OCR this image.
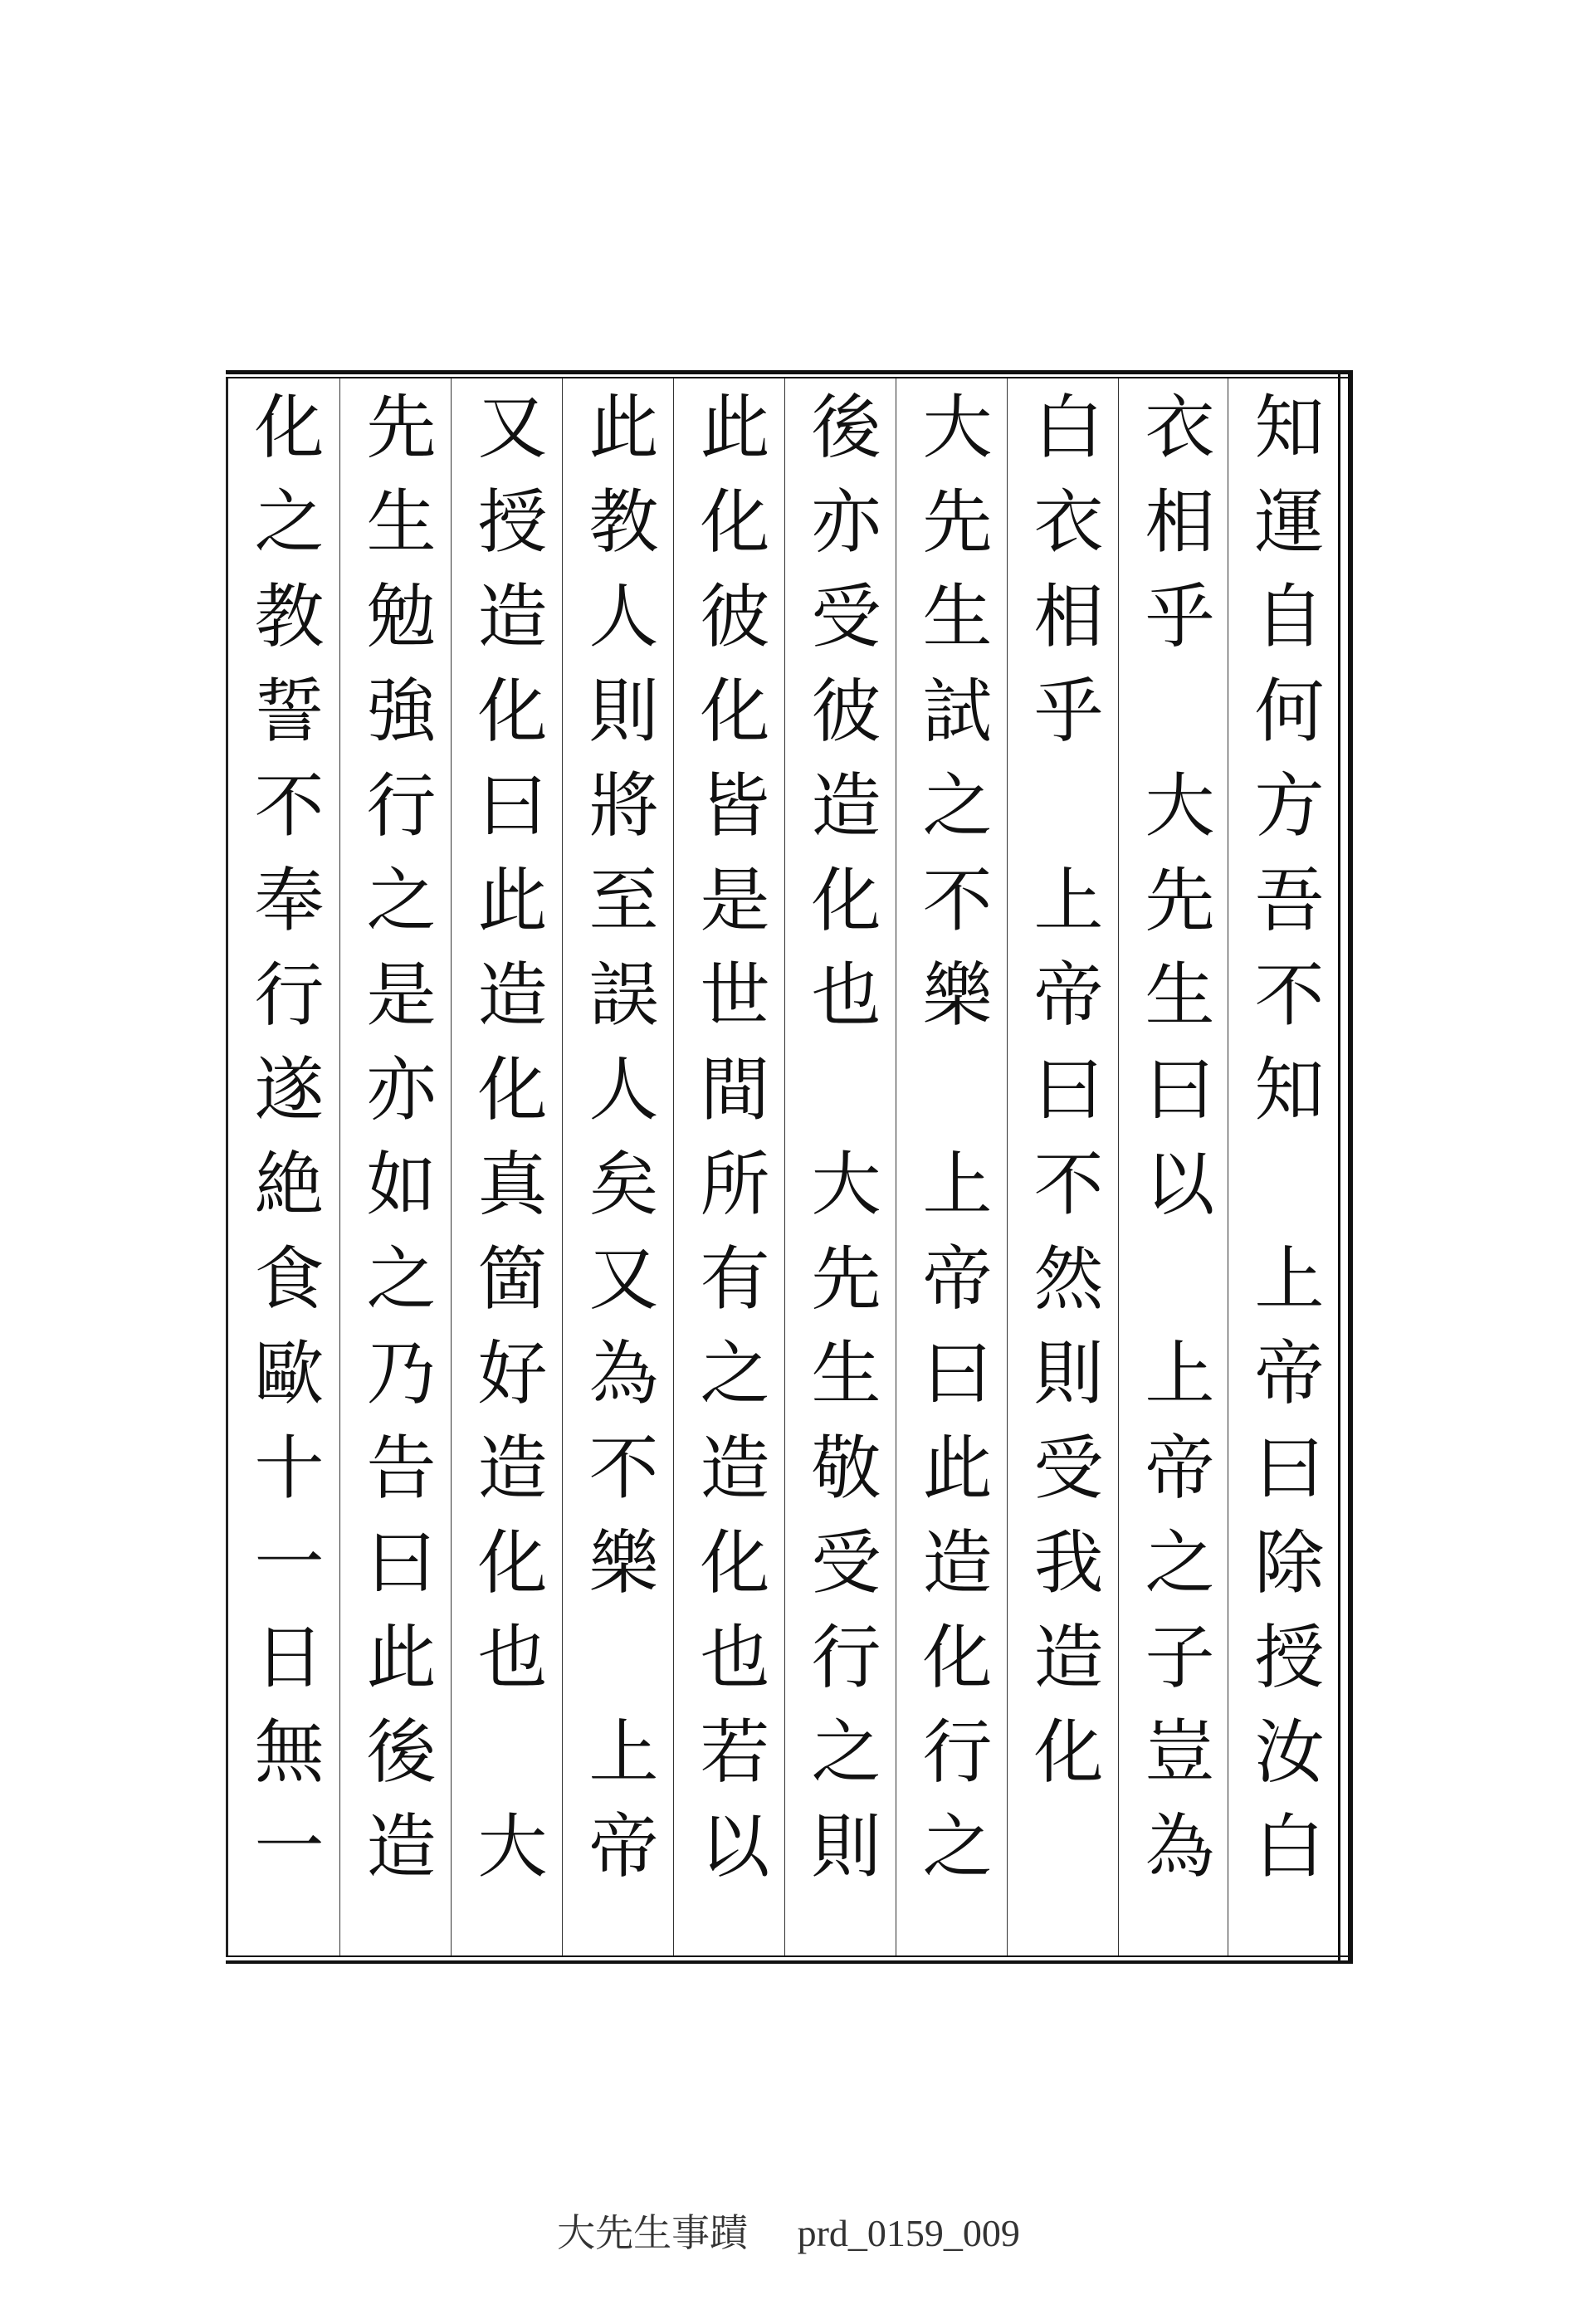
化之教誓不奉行遂絶食歐十一日無一 先生勉強行之是亦如之乃告曰此後造 又授造化曰此造化真箇好造化也　大 此教人則將至誤人矣又為不樂　上帝 此化彼化皆是世間所有之造化也若以 後亦受彼造化也　大先生敬受行之則 大先生試之不樂　上帝曰此造化行之 白衣相乎　上帝曰不然則受我造化 衣相乎　大先生曰以　上帝之子豈為 知運自何方吾不知　上帝曰除授汝白
大先生事蹟 prd_0159_009
